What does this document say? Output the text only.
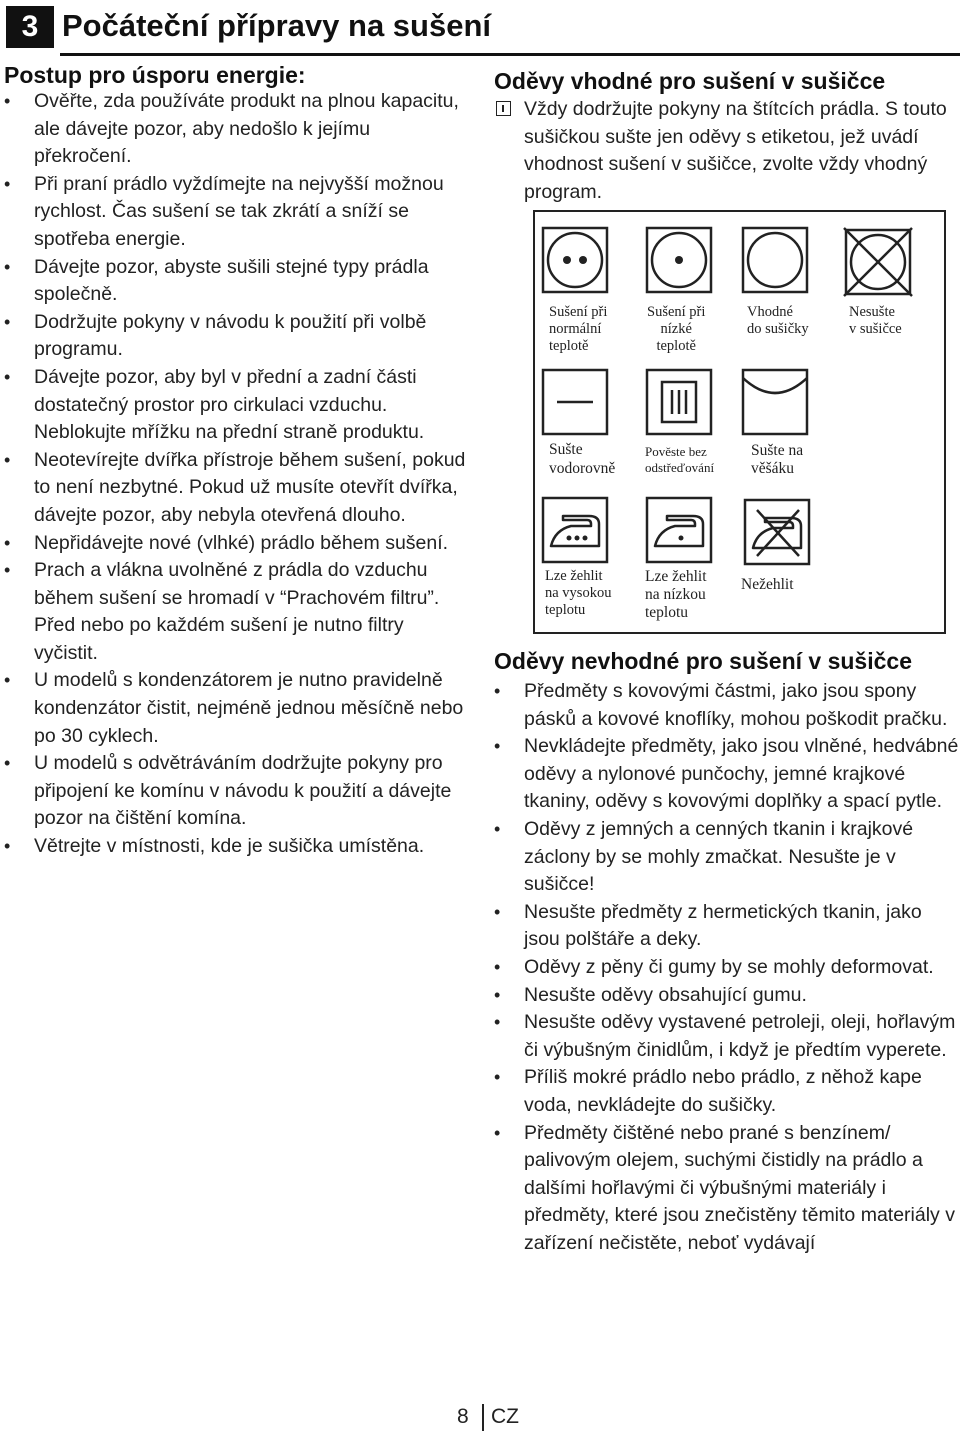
3 Počáteční přípravy na sušení
Postup pro úsporu energie:
• Ověřte, zda používáte produkt na plnou kapacitu, ale dávejte pozor, aby nedošlo k jejímu překročení.
• Při praní prádlo vyždímejte na nejvyšší možnou rychlost. Čas sušení se tak zkrátí a sníží se spotřeba energie.
• Dávejte pozor, abyste sušili stejné typy prádla společně.
• Dodržujte pokyny v návodu k použití při volbě programu.
• Dávejte pozor, aby byl v přední a zadní části dostatečný prostor pro cirkulaci vzduchu. Neblokujte mřížku na přední straně produktu.
• Neotevírejte dvířka přístroje během sušení, pokud to není nezbytné. Pokud už musíte otevřít dvířka, dávejte pozor, aby nebyla otevřená dlouho.
• Nepřidávejte nové (vlhké) prádlo během sušení.
• Prach a vlákna uvolněné z prádla do vzduchu během sušení se hromadí v “Prachovém filtru”. Před nebo po každém sušení je nutno filtry vyčistit.
• U modelů s kondenzátorem je nutno pravidelně kondenzátor čistit, nejméně jednou měsíčně nebo po 30 cyklech.
• U modelů s odvětráváním dodržujte pokyny pro připojení ke komínu v návodu k použití a dávejte pozor na čištění komína.
• Větrejte v místnosti, kde je sušička umístěna.
Oděvy vhodné pro sušení v sušičce
Vždy dodržujte pokyny na štítcích prádla. S touto sušičkou sušte jen oděvy s etiketou, jež uvádí vhodnost sušení v sušičce, zvolte vždy vhodný program.
Sušení při
normální
teplotě
Sušení při
nízké
teplotě
Vhodné
do sušičky
Nesušte
v sušičce
Sušte
vodorovně
Pověste bez
odstřeďování
Sušte na
věšáku
Lze žehlit
na vysokou
teplotu
Lze žehlit
na nízkou
teplotu
Nežehlit
Oděvy nevhodné pro sušení v sušičce
• Předměty s kovovými částmi, jako jsou spony pásků a kovové knoflíky, mohou poškodit pračku.
• Nevkládejte předměty, jako jsou vlněné, hedvábné oděvy a nylonové punčochy, jemné krajkové tkaniny, oděvy s kovovými doplňky a spací pytle.
• Oděvy z jemných a cenných tkanin i krajkové záclony by se mohly zmačkat. Nesušte je v sušičce!
• Nesušte předměty z hermetických tkanin, jako jsou polštáře a deky.
• Oděvy z pěny či gumy by se mohly deformovat.
• Nesušte oděvy obsahující gumu.
• Nesušte oděvy vystavené petroleji, oleji, hořlavým či výbušným činidlům, i když je předtím vyperete.
• Příliš mokré prádlo nebo prádlo, z něhož kape voda, nevkládejte do sušičky.
• Předměty čištěné nebo prané s benzínem/ palivovým olejem, suchými čistidly na prádlo a dalšími hořlavými či výbušnými materiály i předměty, které jsou znečistěny těmito materiály v zařízení nečistěte, neboť vydávají
8 CZ
